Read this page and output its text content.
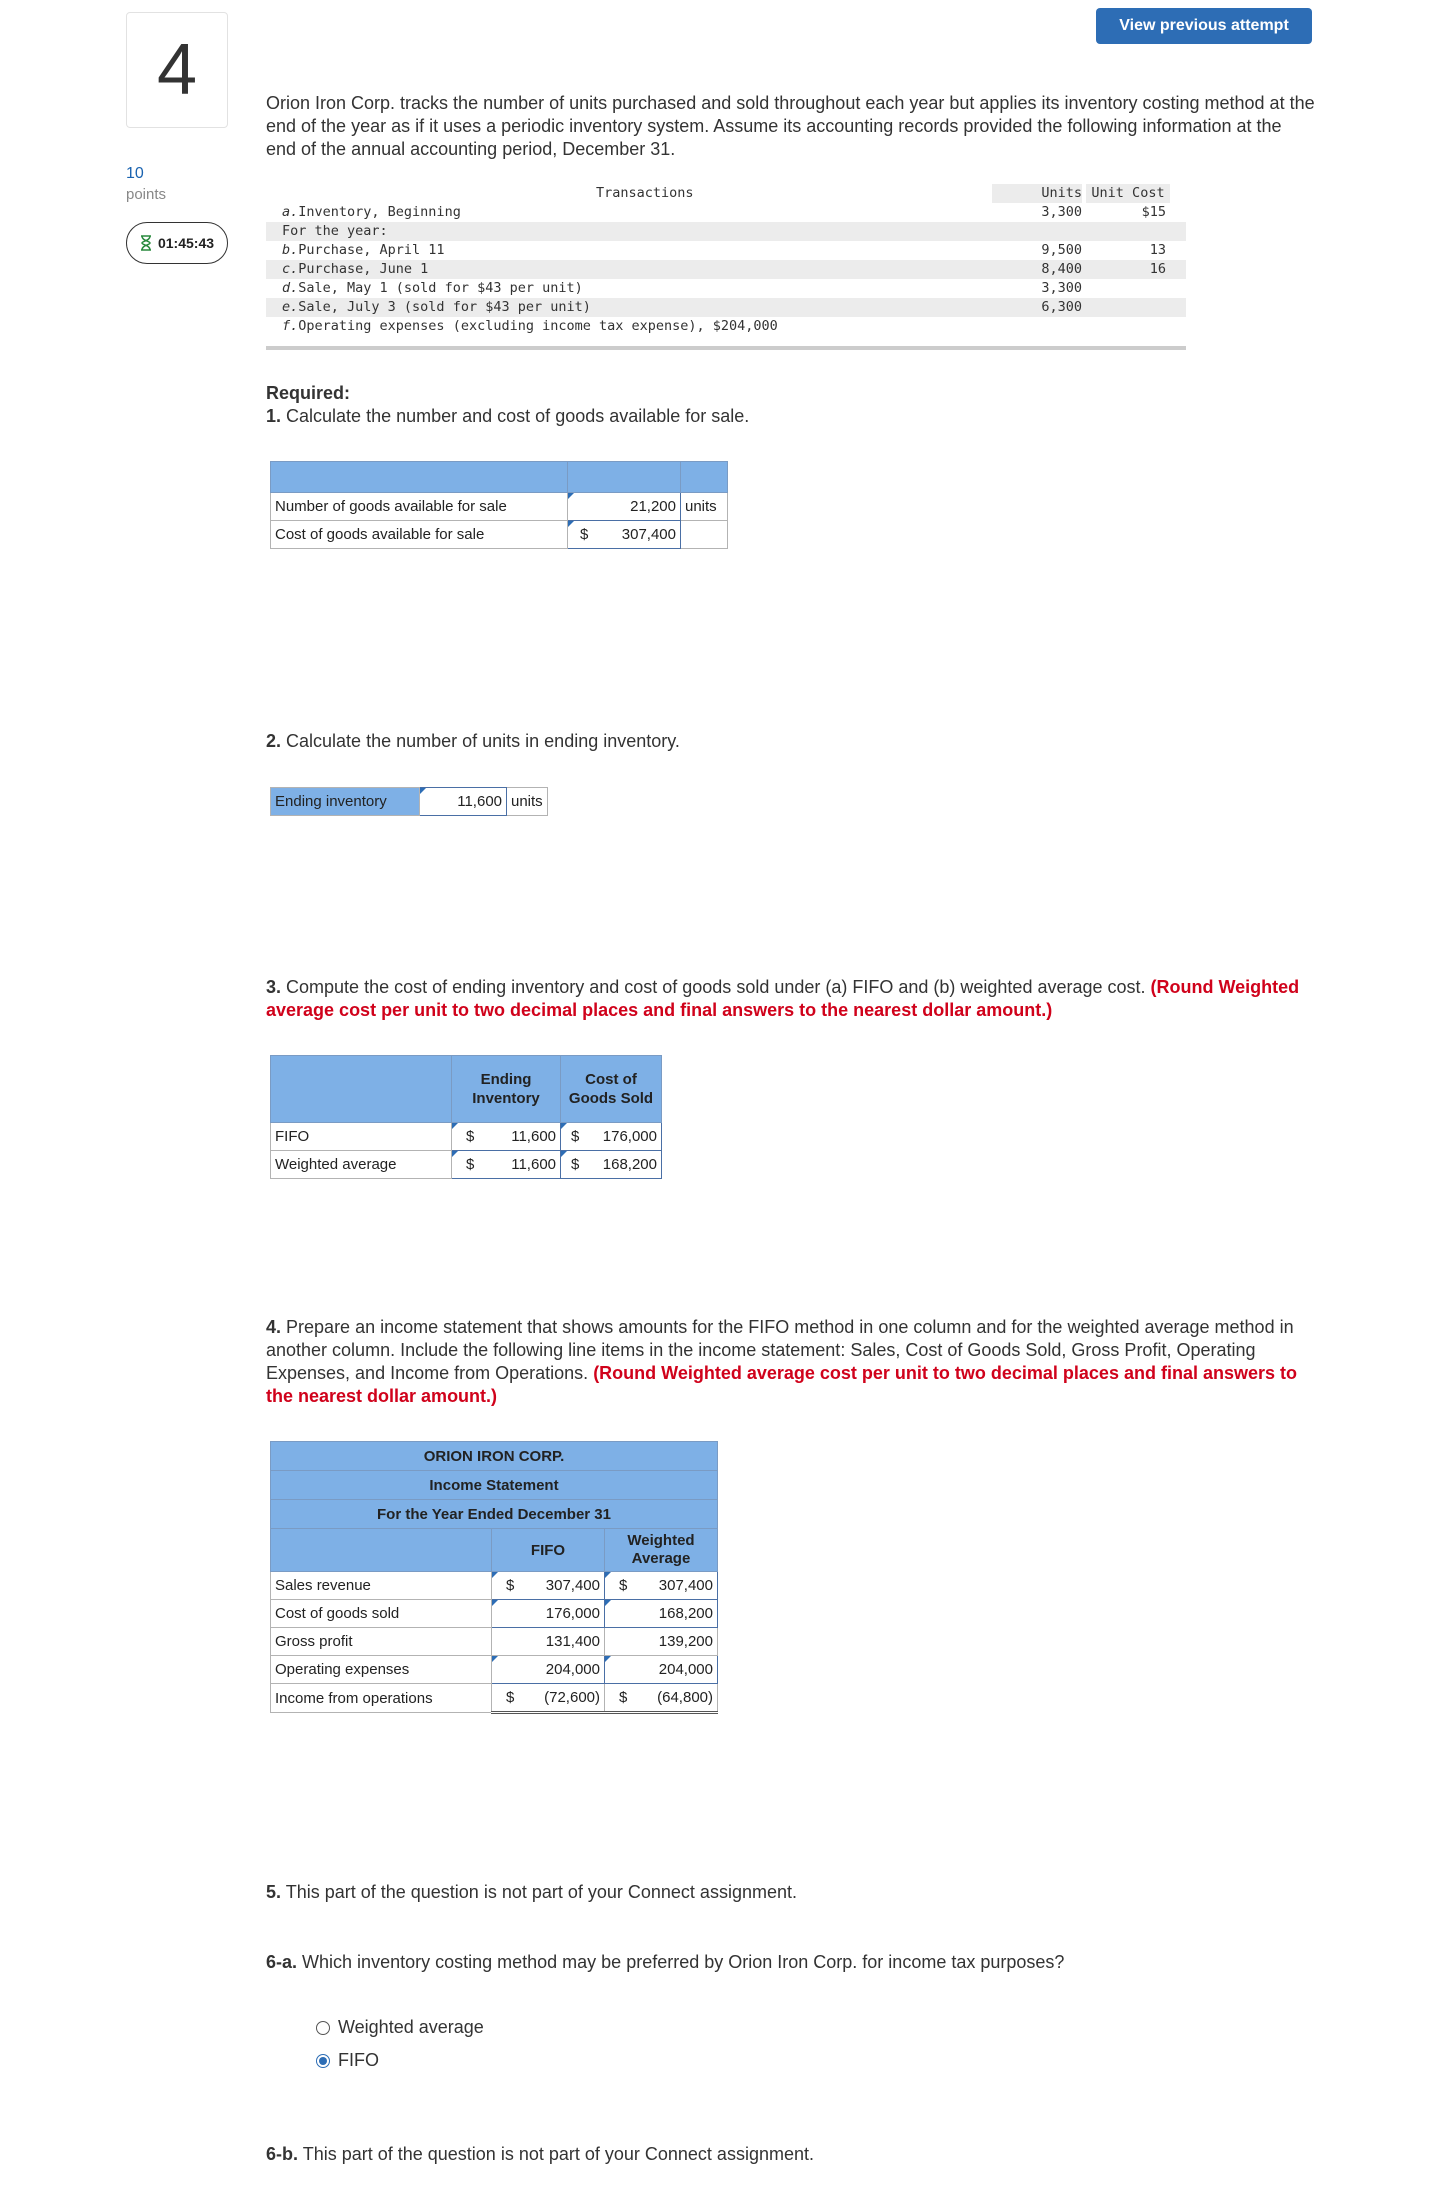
4
10
points
01:45:43
View previous attempt
Orion Iron Corp. tracks the number of units purchased and sold throughout each year but applies its inventory costing method at the end of the year as if it uses a periodic inventory system. Assume its accounting records provided the following information at the end of the annual accounting period, December 31.
Transactions	Units Unit Cost
a.Inventory, Beginning	3,300	$15
For the year:
b.Purchase, April 11	9,500	13
c.Purchase, June 1	8,400	16
d.Sale, May 1 (sold for $43 per unit)	3,300
e.Sale, July 3 (sold for $43 per unit)	6,300
f.Operating expenses (excluding income tax expense), $204,000
Required:
1. Calculate the number and cost of goods available for sale.

Number of goods available for sale	21,200	units
Cost of goods available for sale	$ 307,400	

2. Calculate the number of units in ending inventory.
Ending inventory	11,600	units
3. Compute the cost of ending inventory and cost of goods sold under (a) FIFO and (b) weighted average cost. (Round Weighted average cost per unit to two decimal places and final answers to the nearest dollar amount.)
	Ending
Inventory	Cost of
Goods Sold
FIFO	$ 11,600	$ 176,000

Weighted average	$ 11,600	$ 168,200
4. Prepare an income statement that shows amounts for the FIFO method in one column and for the weighted average method in another column. Include the following line items in the income statement: Sales, Cost of Goods Sold, Gross Profit, Operating Expenses, and Income from Operations. (Round Weighted average cost per unit to two decimal places and final answers to the nearest dollar amount.)
ORION IRON CORP.		
Income Statement		
For the Year Ended December 31		
	FIFO	Weighted
Average
Sales revenue	$ 307,400	$ 307,400

Cost of goods sold	176,000	168,200
Gross profit	131,400	139,200
Operating expenses	204,000	204,000
Income from operations	$ (72,600)	$ (64,800)
5. This part of the question is not part of your Connect assignment.
6-a. Which inventory costing method may be preferred by Orion Iron Corp. for income tax purposes?
Weighted average
FIFO
6-b. This part of the question is not part of your Connect assignment.
